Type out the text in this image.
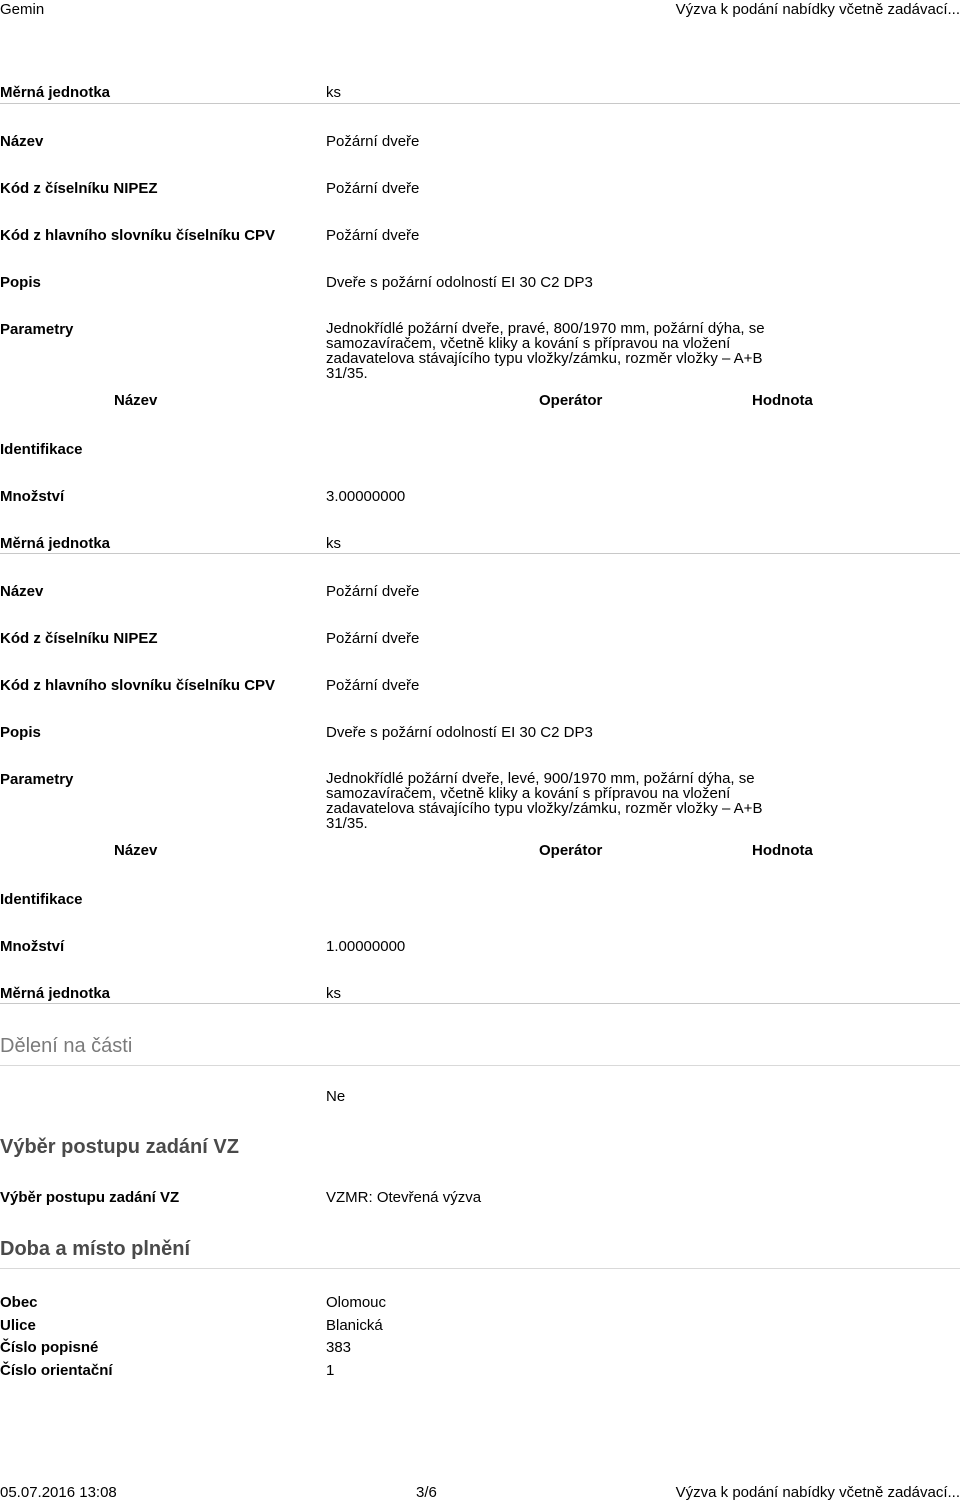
Gemin	Výzva k podání nabídky včetně zadávací...
Měrná jednotka	ks
Název	Požární dveře
Kód z číselníku NIPEZ	Požární dveře
Kód z hlavního slovníku číselníku CPV	Požární dveře
Popis	Dveře s požární odolností EI 30 C2 DP3
Parametry	Jednokřídlé požární dveře, pravé, 800/1970 mm, požární dýha, se samozavíračem, včetně kliky a kování s přípravou na vložení zadavatelova stávajícího typu vložky/zámku, rozměr vložky – A+B 31/35.
Název	Operátor	Hodnota
Identifikace
Množství	3.00000000
Měrná jednotka	ks
Název	Požární dveře
Kód z číselníku NIPEZ	Požární dveře
Kód z hlavního slovníku číselníku CPV	Požární dveře
Popis	Dveře s požární odolností EI 30 C2 DP3
Parametry	Jednokřídlé požární dveře, levé, 900/1970 mm, požární dýha, se samozavíračem, včetně kliky a kování s přípravou na vložení zadavatelova stávajícího typu vložky/zámku, rozměr vložky – A+B 31/35.
Název	Operátor	Hodnota
Identifikace
Množství	1.00000000
Měrná jednotka	ks
Dělení na části
Ne
Výběr postupu zadání VZ
Výběr postupu zadání VZ	VZMR: Otevřená výzva
Doba a místo plnění
Obec	Olomouc
Ulice	Blanická
Číslo popisné	383
Číslo orientační	1
05.07.2016 13:08	3/6	Výzva k podání nabídky včetně zadávací...
